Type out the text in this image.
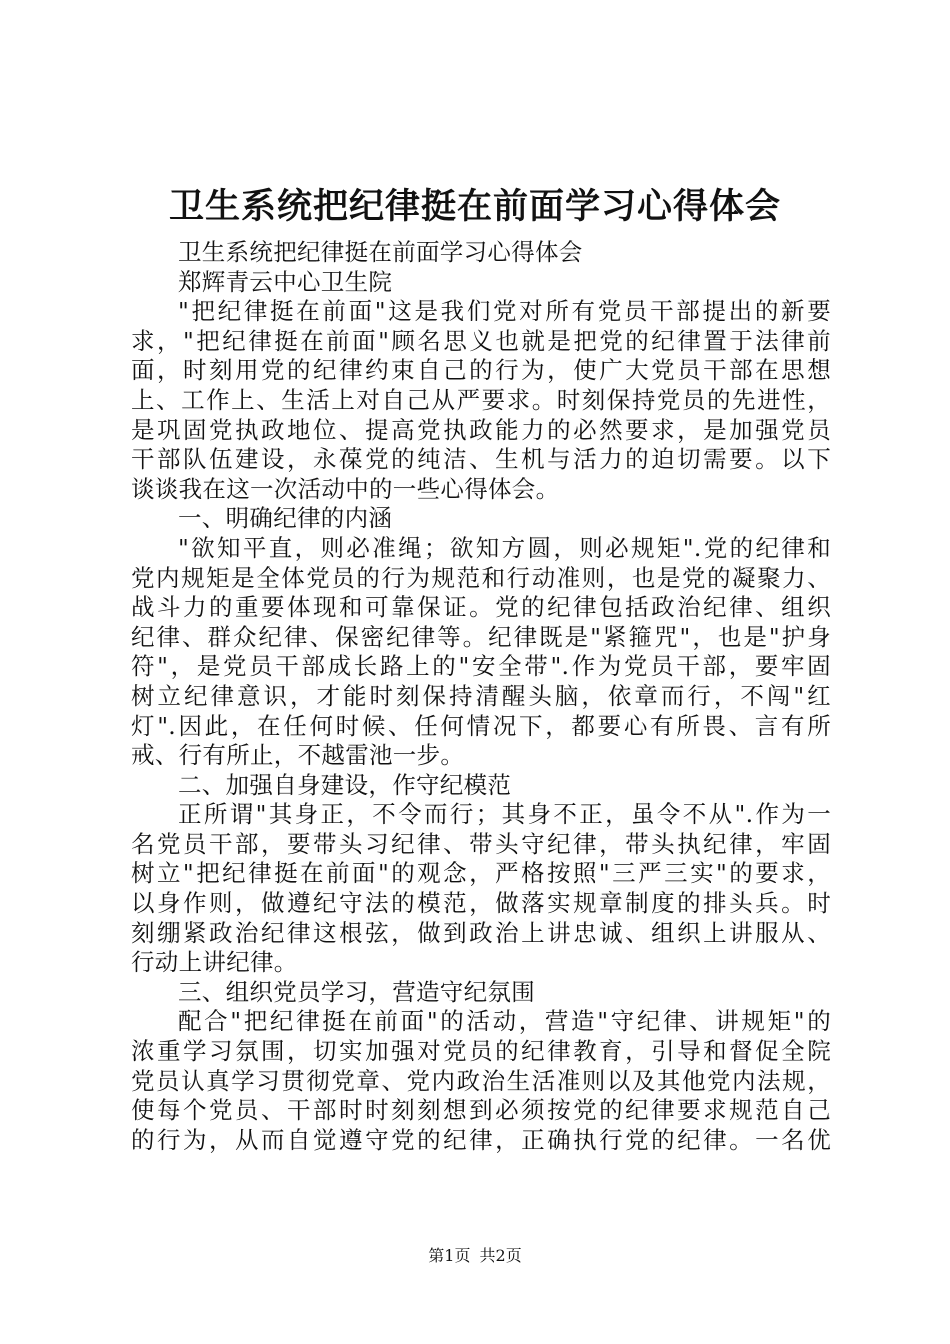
卫生系统把纪律挺在前面学习心得体会
卫生系统把纪律挺在前面学习心得体会
郑辉青云中心卫生院
"把纪律挺在前面"这是我们党对所有党员干部提出的新要
求，"把纪律挺在前面"顾名思义也就是把党的纪律置于法律前
面，时刻用党的纪律约束自己的行为，使广大党员干部在思想
上、工作上、生活上对自己从严要求。时刻保持党员的先进性，
是巩固党执政地位、提高党执政能力的必然要求，是加强党员
干部队伍建设，永葆党的纯洁、生机与活力的迫切需要。以下
谈谈我在这一次活动中的一些心得体会。
一、明确纪律的内涵
"欲知平直，则必准绳；欲知方圆，则必规矩".党的纪律和
党内规矩是全体党员的行为规范和行动准则，也是党的凝聚力、
战斗力的重要体现和可靠保证。党的纪律包括政治纪律、组织
纪律、群众纪律、保密纪律等。纪律既是"紧箍咒"，也是"护身
符"，是党员干部成长路上的"安全带".作为党员干部，要牢固
树立纪律意识，才能时刻保持清醒头脑，依章而行，不闯"红
灯".因此，在任何时候、任何情况下，都要心有所畏、言有所
戒、行有所止，不越雷池一步。
二、加强自身建设，作守纪模范
正所谓"其身正，不令而行；其身不正，虽令不从".作为一
名党员干部，要带头习纪律、带头守纪律，带头执纪律，牢固
树立"把纪律挺在前面"的观念，严格按照"三严三实"的要求，
以身作则，做遵纪守法的模范，做落实规章制度的排头兵。时
刻绷紧政治纪律这根弦，做到政治上讲忠诚、组织上讲服从、
行动上讲纪律。
三、组织党员学习，营造守纪氛围
配合"把纪律挺在前面"的活动，营造"守纪律、讲规矩"的
浓重学习氛围，切实加强对党员的纪律教育，引导和督促全院
党员认真学习贯彻党章、党内政治生活准则以及其他党内法规，
使每个党员、干部时时刻刻想到必须按党的纪律要求规范自己
的行为，从而自觉遵守党的纪律，正确执行党的纪律。一名优
第1页 共2页
